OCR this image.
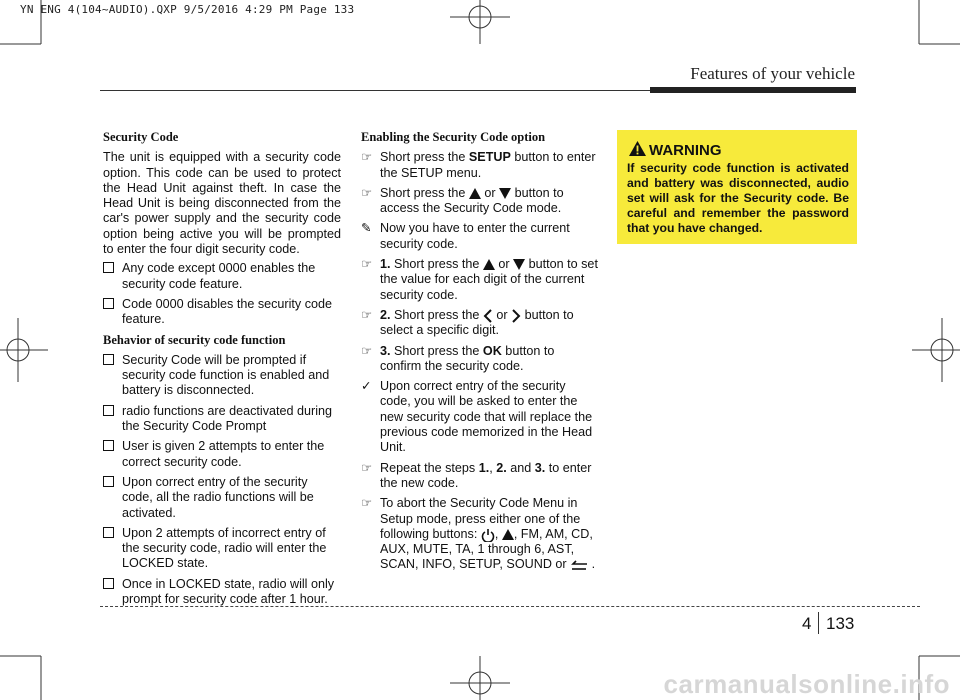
YN ENG 4(104~AUDIO).QXP 9/5/2016 4:29 PM Page 133
Features of your vehicle
Security Code

The unit is equipped with a security code option. This code can be used to protect the Head Unit against theft. In case the Head Unit is being disconnected from the car's power supply and the security code option being active you will be prompted to enter the four digit security code.

Any code except 0000 enables the security code feature.
Code 0000 disables the security code feature.
Behavior of security code function
Security Code will be prompted if security code function is enabled and battery is disconnected.
radio functions are deactivated during the Security Code Prompt
User is given 2 attempts to enter the correct security code.
Upon correct entry of the security code, all the radio functions will be activated.
Upon 2 attempts of incorrect entry of the security code, radio will enter the LOCKED state.
Once in LOCKED state, radio will only prompt for security code after 1 hour.
Enabling the Security Code option
☞ Short press the SETUP button to enter the SETUP menu.
☞ Short press the  or  button to access the Security Code mode.
✎ Now you have to enter the current security code.
☞ 1. Short press the  or  button to set the value for each digit of the current security code.
☞ 2. Short press the  or  button to select a specific digit.
☞ 3. Short press the OK button to confirm the security code.
✓ Upon correct entry of the security code, you will be asked to enter the new security code that will replace the previous code memorized in the Head Unit.
☞ Repeat the steps 1., 2. and 3. to enter the new code.
☞ To abort the Security Code Menu in Setup mode, press either one of the following buttons: , , FM, AM, CD, AUX, MUTE, TA, 1 through 6, AST, SCAN, INFO, SETUP, SOUND or  .
WARNING
If security code function is activated and battery was disconnected, audio set will ask for the Security code. Be careful and remember the password that you have changed.
4 133
carmanualsonline.info
